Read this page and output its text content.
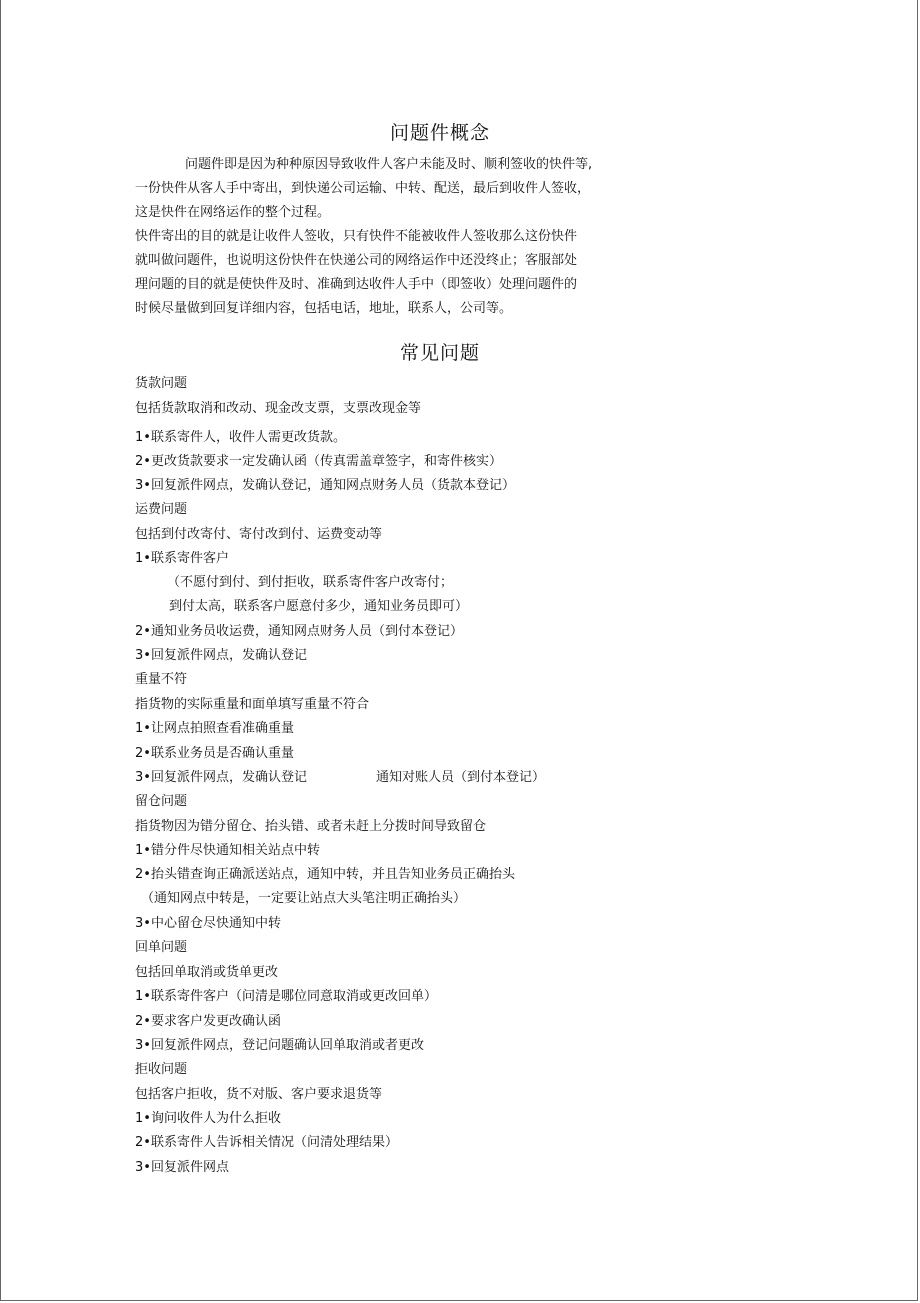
问题件概念
问题件即是因为种种原因导致收件人客户未能及时、顺利签收的快件等,
一份快件从客人手中寄出，到快递公司运输、中转、配送，最后到收件人签收，
这是快件在网络运作的整个过程。
快件寄出的目的就是让收件人签收，只有快件不能被收件人签收那么这份快件
就叫做问题件，也说明这份快件在快递公司的网络运作中还没终止；客服部处
理问题的目的就是使快件及时、准确到达收件人手中（即签收）处理问题件的
时候尽量做到回复详细内容，包括电话，地址，联系人，公司等。
常见问题
货款问题
包括货款取消和改动、现金改支票，支票改现金等
1•联系寄件人，收件人需更改货款。
2•更改货款要求一定发确认函（传真需盖章签字，和寄件核实）
3•回复派件网点，发确认登记，通知网点财务人员（货款本登记）
运费问题
包括到付改寄付、寄付改到付、运费变动等
1•联系寄件客户
（不愿付到付、到付拒收，联系寄件客户改寄付；
到付太高，联系客户愿意付多少，通知业务员即可）
2•通知业务员收运费，通知网点财务人员（到付本登记）
3•回复派件网点，发确认登记
重量不符
指货物的实际重量和面单填写重量不符合
1•让网点拍照查看准确重量
2•联系业务员是否确认重量
3•回复派件网点，发确认登记	通知对账人员（到付本登记）
留仓问题
指货物因为错分留仓、抬头错、或者未赶上分拨时间导致留仓
1•错分件尽快通知相关站点中转
2•抬头错查询正确派送站点，通知中转，并且告知业务员正确抬头
（通知网点中转是，一定要让站点大头笔注明正确抬头）
3•中心留仓尽快通知中转
回单问题
包括回单取消或货单更改
1•联系寄件客户（问清是哪位同意取消或更改回单）
2•要求客户发更改确认函
3•回复派件网点，登记问题确认回单取消或者更改
拒收问题
包括客户拒收，货不对版、客户要求退货等
1•询问收件人为什么拒收
2•联系寄件人告诉相关情况（问清处理结果）
3•回复派件网点
